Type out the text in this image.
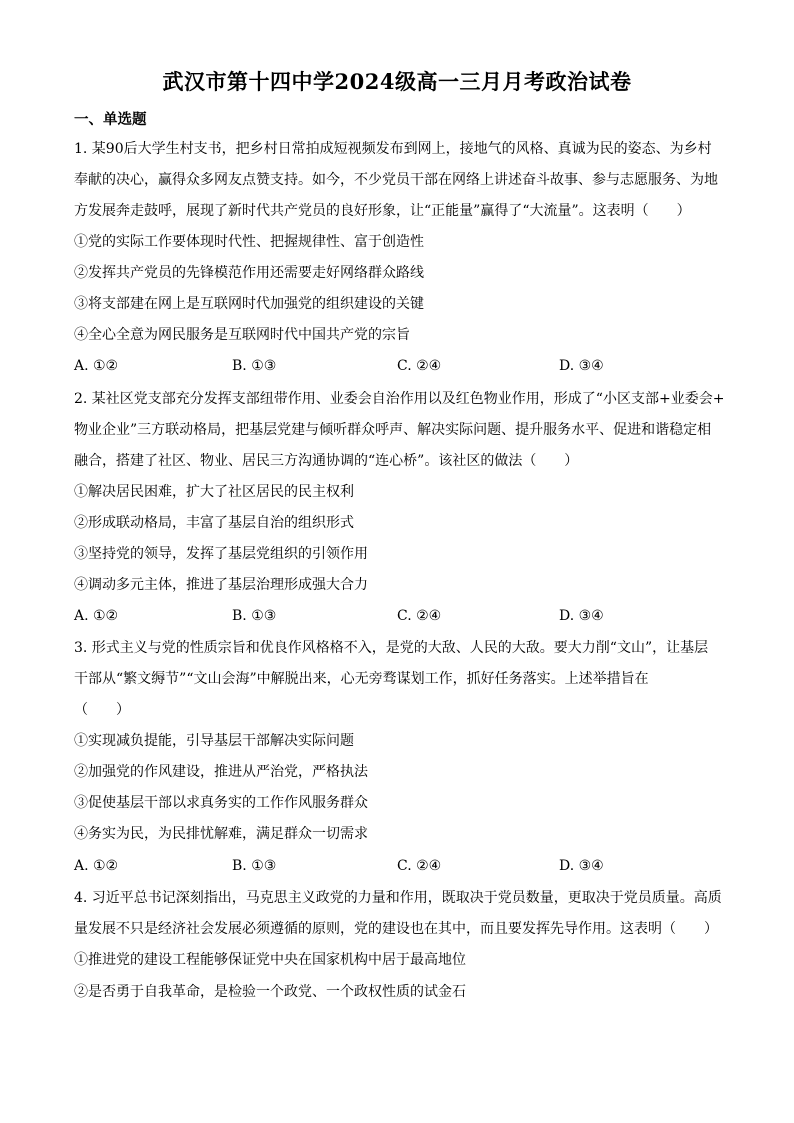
武汉市第十四中学2024级高一三月月考政治试卷
一、单选题
1. 某90后大学生村支书，把乡村日常拍成短视频发布到网上，接地气的风格、真诚为民的姿态、为乡村
奉献的决心，赢得众多网友点赞支持。如今，不少党员干部在网络上讲述奋斗故事、参与志愿服务、为地
方发展奔走鼓呼，展现了新时代共产党员的良好形象，让“正能量”赢得了“大流量”。这表明（　　）
①党的实际工作要体现时代性、把握规律性、富于创造性
②发挥共产党员的先锋模范作用还需要走好网络群众路线
③将支部建在网上是互联网时代加强党的组织建设的关键
④全心全意为网民服务是互联网时代中国共产党的宗旨
A. ①②	B. ①③	C. ②④	D. ③④
2. 某社区党支部充分发挥支部纽带作用、业委会自治作用以及红色物业作用，形成了“小区支部+业委会+
物业企业”三方联动格局，把基层党建与倾听群众呼声、解决实际问题、提升服务水平、促进和谐稳定相
融合，搭建了社区、物业、居民三方沟通协调的“连心桥”。该社区的做法（　　）
①解决居民困难，扩大了社区居民的民主权利
②形成联动格局，丰富了基层自治的组织形式
③坚持党的领导，发挥了基层党组织的引领作用
④调动多元主体，推进了基层治理形成强大合力
A. ①②	B. ①③	C. ②④	D. ③④
3. 形式主义与党的性质宗旨和优良作风格格不入，是党的大敌、人民的大敌。要大力削“文山”，让基层
干部从“繁文缛节”“文山会海”中解脱出来，心无旁骛谋划工作，抓好任务落实。上述举措旨在
（　　）
①实现减负提能，引导基层干部解决实际问题
②加强党的作风建设，推进从严治党，严格执法
③促使基层干部以求真务实的工作作风服务群众
④务实为民，为民排忧解难，满足群众一切需求
A. ①②	B. ①③	C. ②④	D. ③④
4. 习近平总书记深刻指出，马克思主义政党的力量和作用，既取决于党员数量，更取决于党员质量。高质
量发展不只是经济社会发展必须遵循的原则，党的建设也在其中，而且要发挥先导作用。这表明（　　）
①推进党的建设工程能够保证党中央在国家机构中居于最高地位
②是否勇于自我革命，是检验一个政党、一个政权性质的试金石
